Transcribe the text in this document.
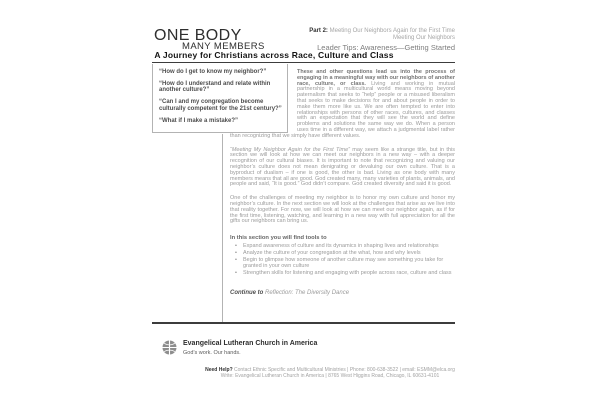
ONE BODY
MANY MEMBERS
Part 2: Meeting Our Neighbors Again for the First Time
Meeting Our Neighbors
Leader Tips: Awareness—Getting Started
A Journey for Christians across Race, Culture and Class

“How do I get to know my neighbor?”

“How do I understand and relate within another culture?”

“Can I and my congregation become culturally competent for the 21st century?”

“What if I make a mistake?”

These and other questions lead us into the process of engaging in a meaningful way with our neighbors of another race, culture, or class. Living and working in mutual partnership in a multicultural world means moving beyond paternalism that seeks to “help” people or a misused liberalism that seeks to make decisions for and about people in order to make them more like us. We are often tempted to enter into relationships with persons of other races, cultures, and classes with an expectation that they will see the world and define problems and solutions the same way we do. When a person uses time in a different way, we attach a judgmental label rather than recognizing that we simply have different values.

“Meeting My Neighbor Again for the First Time” may seem like a strange title, but in this section we will look at how we can meet our neighbors in a new way – with a deeper recognition of our cultural biases. It is important to note that recognizing and valuing our neighbor’s culture does not mean denigrating or devaluing our own culture. That is a byproduct of dualism – if one is good, the other is bad. Living as one body with many members means that all are good. God created many, many varieties of plants, animals, and people and said, “It is good.” God didn’t compare. God created diversity and said it is good.

One of the challenges of meeting my neighbor is to honor my own culture and honor my neighbor’s culture. In the next section we will look at the challenges that arise as we live into that reality together. For now, we will look at how we can meet our neighbor again, as if for the first time, listening, watching, and learning in a new way with full appreciation for all the gifts our neighbors can bring us.

In this section you will find tools to

• Expand awareness of culture and its dynamics in shaping lives and relationships
• Analyze the culture of your congregation at the what, how and why levels
• Begin to glimpse how someone of another culture may see something you take for granted in your own culture
• Strengthen skills for listening and engaging with people across race, culture and class

Continue to Reflection: The Diversity Dance

Evangelical Lutheran Church in America
God’s work. Our hands.
Need Help? Contact Ethnic Specific and Multicultural Ministries | Phone: 800-638-3522 | email: ESMM@elca.org
Write: Evangelical Lutheran Church in America | 8765 West Higgins Road, Chicago, IL 60631-4101
